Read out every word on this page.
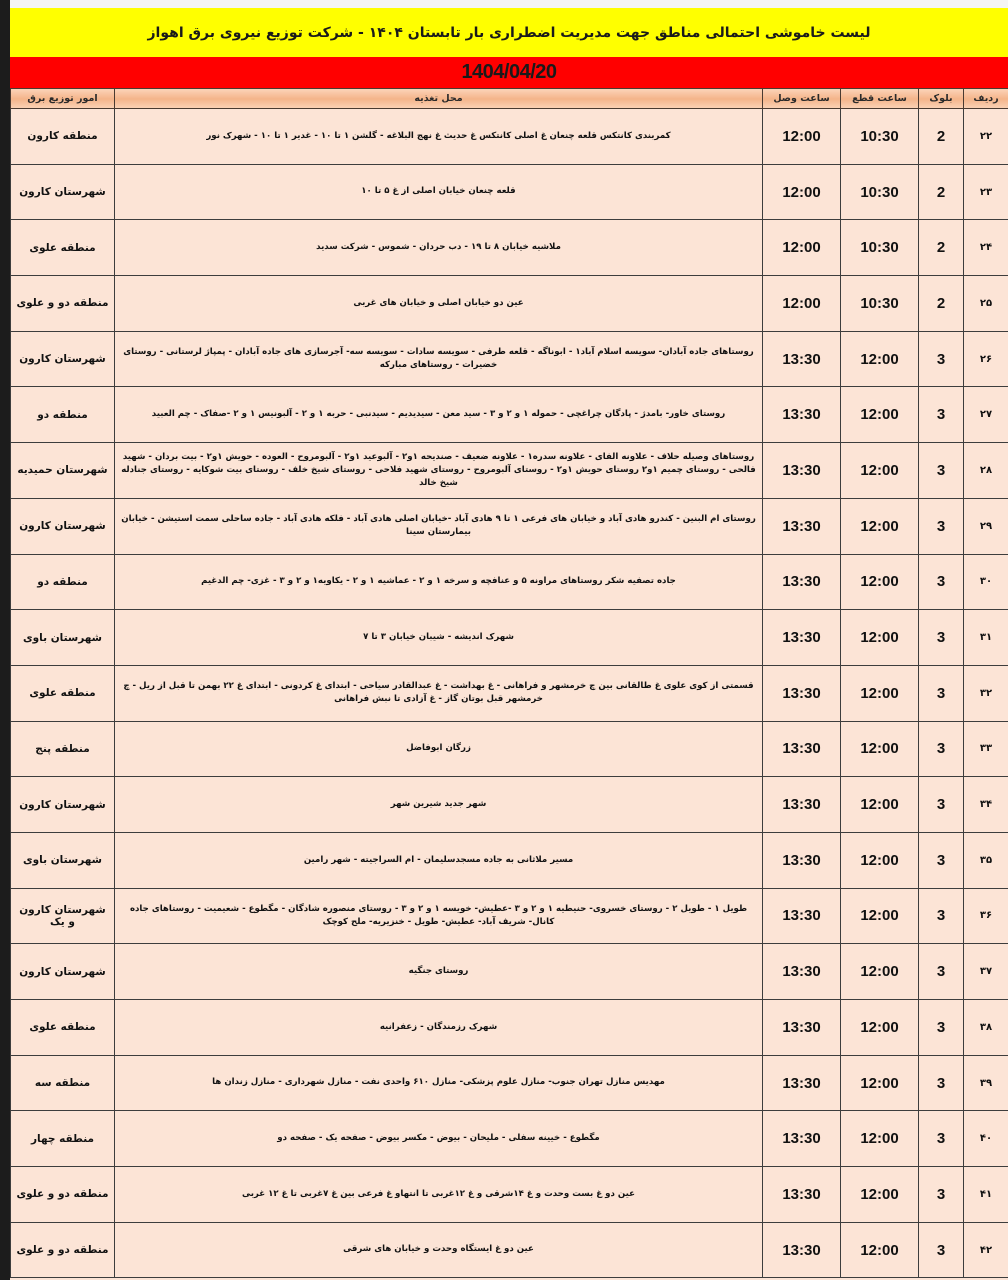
لیست خاموشی احتمالی مناطق جهت مدیریت اضطراری بار تابستان ۱۴۰۴ - شرکت توزیع نیروی برق اهواز
1404/04/20
ردیف	بلوک	ساعت قطع	ساعت وصل	محل تغذیه	امور توزیع برق
۲۲	2	10:30	12:00	کمربندی کانتکس قلعه چنعان غ اصلی کانتکس غ حدیث غ نهج البلاغه - گلشن ۱ تا ۱۰ - غدیر ۱ تا ۱۰ - شهرک نور	منطقه کارون
۲۳	2	10:30	12:00	قلعه چنعان خیابان اصلی از غ ۵ تا ۱۰	شهرستان کارون
۲۴	2	10:30	12:00	ملاشیه خیابان ۸ تا ۱۹ - دب حردان - شموس - شرکت سدید	منطقه علوی
۲۵	2	10:30	12:00	عین دو خیابان اصلی و خیابان های غربی	منطقه دو و علوی
۲۶	3	12:00	13:30	روستاهای جاده آبادان- سویسه اسلام آباد۱ - ابوناگه - قلعه طرفی - سویسه سادات - سویسه سه- آجرسازی های جاده آبادان - پمپاژ لرستانی - روستای خضیرات - روستاهای مبارکه	شهرستان کارون
۲۷	3	12:00	13:30	روستای خاور- بامدژ - پادگان چراغچی - حموله ۱ و ۲ و ۳ - سید معن - سیدیدیم - سیدنبی - حربه ۱ و ۲ - آلبونیس ۱ و ۲ -صفاک - چم العبید	منطقه دو
۲۸	3	12:00	13:30	روستاهای وصیله حلاف - علاونه الفای - علاونه سدره۱ - علاونه ضعیف - صندیحه ۱و۲ - آلبوعید ۱و۲ - آلبومروح - العوده - حویش ۱و۲ - بیت بردان - شهید فالحی - روستای چمیم ۱و۲ روستای حویش ۱و۲ - روستای آلبومروح - روستای شهید فلاحی - روستای شیخ خلف - روستای بیت شوکایه - روستای جنادله شیخ خالد	شهرستان حمیدیه
۲۹	3	12:00	13:30	روستای ام البنین - کندرو هادی آباد و خیابان های فرعی ۱ تا ۹ هادی آباد -خیابان اصلی هادی آباد - فلکه هادی آباد - جاده ساحلی سمت استیشن - خیابان بیمارستان سینا	شهرستان کارون
۳۰	3	12:00	13:30	جاده تصفیه شکر روستاهای مراونه ۵ و عنافچه و سرخه ۱ و ۲ - عماشیه ۱ و ۲ - یکاویه۱ و ۲ و ۳ - غزی- چم الدغیم	منطقه دو
۳۱	3	12:00	13:30	شهرک اندیشه - شیبان خیابان ۳ تا ۷	شهرستان باوی
۳۲	3	12:00	13:30	قسمتی از کوی علوی غ طالقانی بین چ خرمشهر و فراهانی - غ بهداشت - غ عبدالقادر سیاحی - ابتدای غ کردونی - ابتدای غ ۲۲ بهمن تا قبل از ریل - چ خرمشهر قبل بوتان گاز - غ آزادی تا نبش فراهانی	منطقه علوی
۳۳	3	12:00	13:30	زرگان ابوفاضل	منطقه پنج
۳۴	3	12:00	13:30	شهر جدید شیرین شهر	شهرستان کارون
۳۵	3	12:00	13:30	مسیر ملاثانی به جاده مسجدسلیمان - ام السراجیته - شهر رامین	شهرستان باوی
۳۶	3	12:00	13:30	طویل ۱ - طویل ۲ - روستای خسروی- حنیطیه ۱ و ۲ و ۳ -عطیش- خویسه ۱ و ۲ و ۳ - روستای منصوره شادگان - مگطوع - شعیمیت - روستاهای جاده کانال- شریف آباد- عطیش- طویل - خنزیریه- ملح کوچک	شهرستان کارون و یک
۳۷	3	12:00	13:30	روستای جنگیه	شهرستان کارون
۳۸	3	12:00	13:30	شهرک رزمندگان - زعفرانیه	منطقه علوی
۳۹	3	12:00	13:30	مهدیس منازل تهران جنوب- منازل علوم پزشکی- منازل ۶۱۰ واحدی نفت - منازل شهرداری - منازل زندان ها	منطقه سه
۴۰	3	12:00	13:30	مگطوع - خیینه سفلی - ملیحان - بیوض - مکسر بیوض - صفحه یک - صفحه دو	منطقه چهار
۴۱	3	12:00	13:30	عین دو غ بست وحدت و غ ۱۴شرقی و غ ۱۲غربی تا انتهاو غ فرعی بین غ ۷غربی تا غ ۱۲ غربی	منطقه دو و علوی
۴۲	3	12:00	13:30	عین دو غ ایستگاه وحدت و خیابان های شرقی	منطقه دو و علوی
